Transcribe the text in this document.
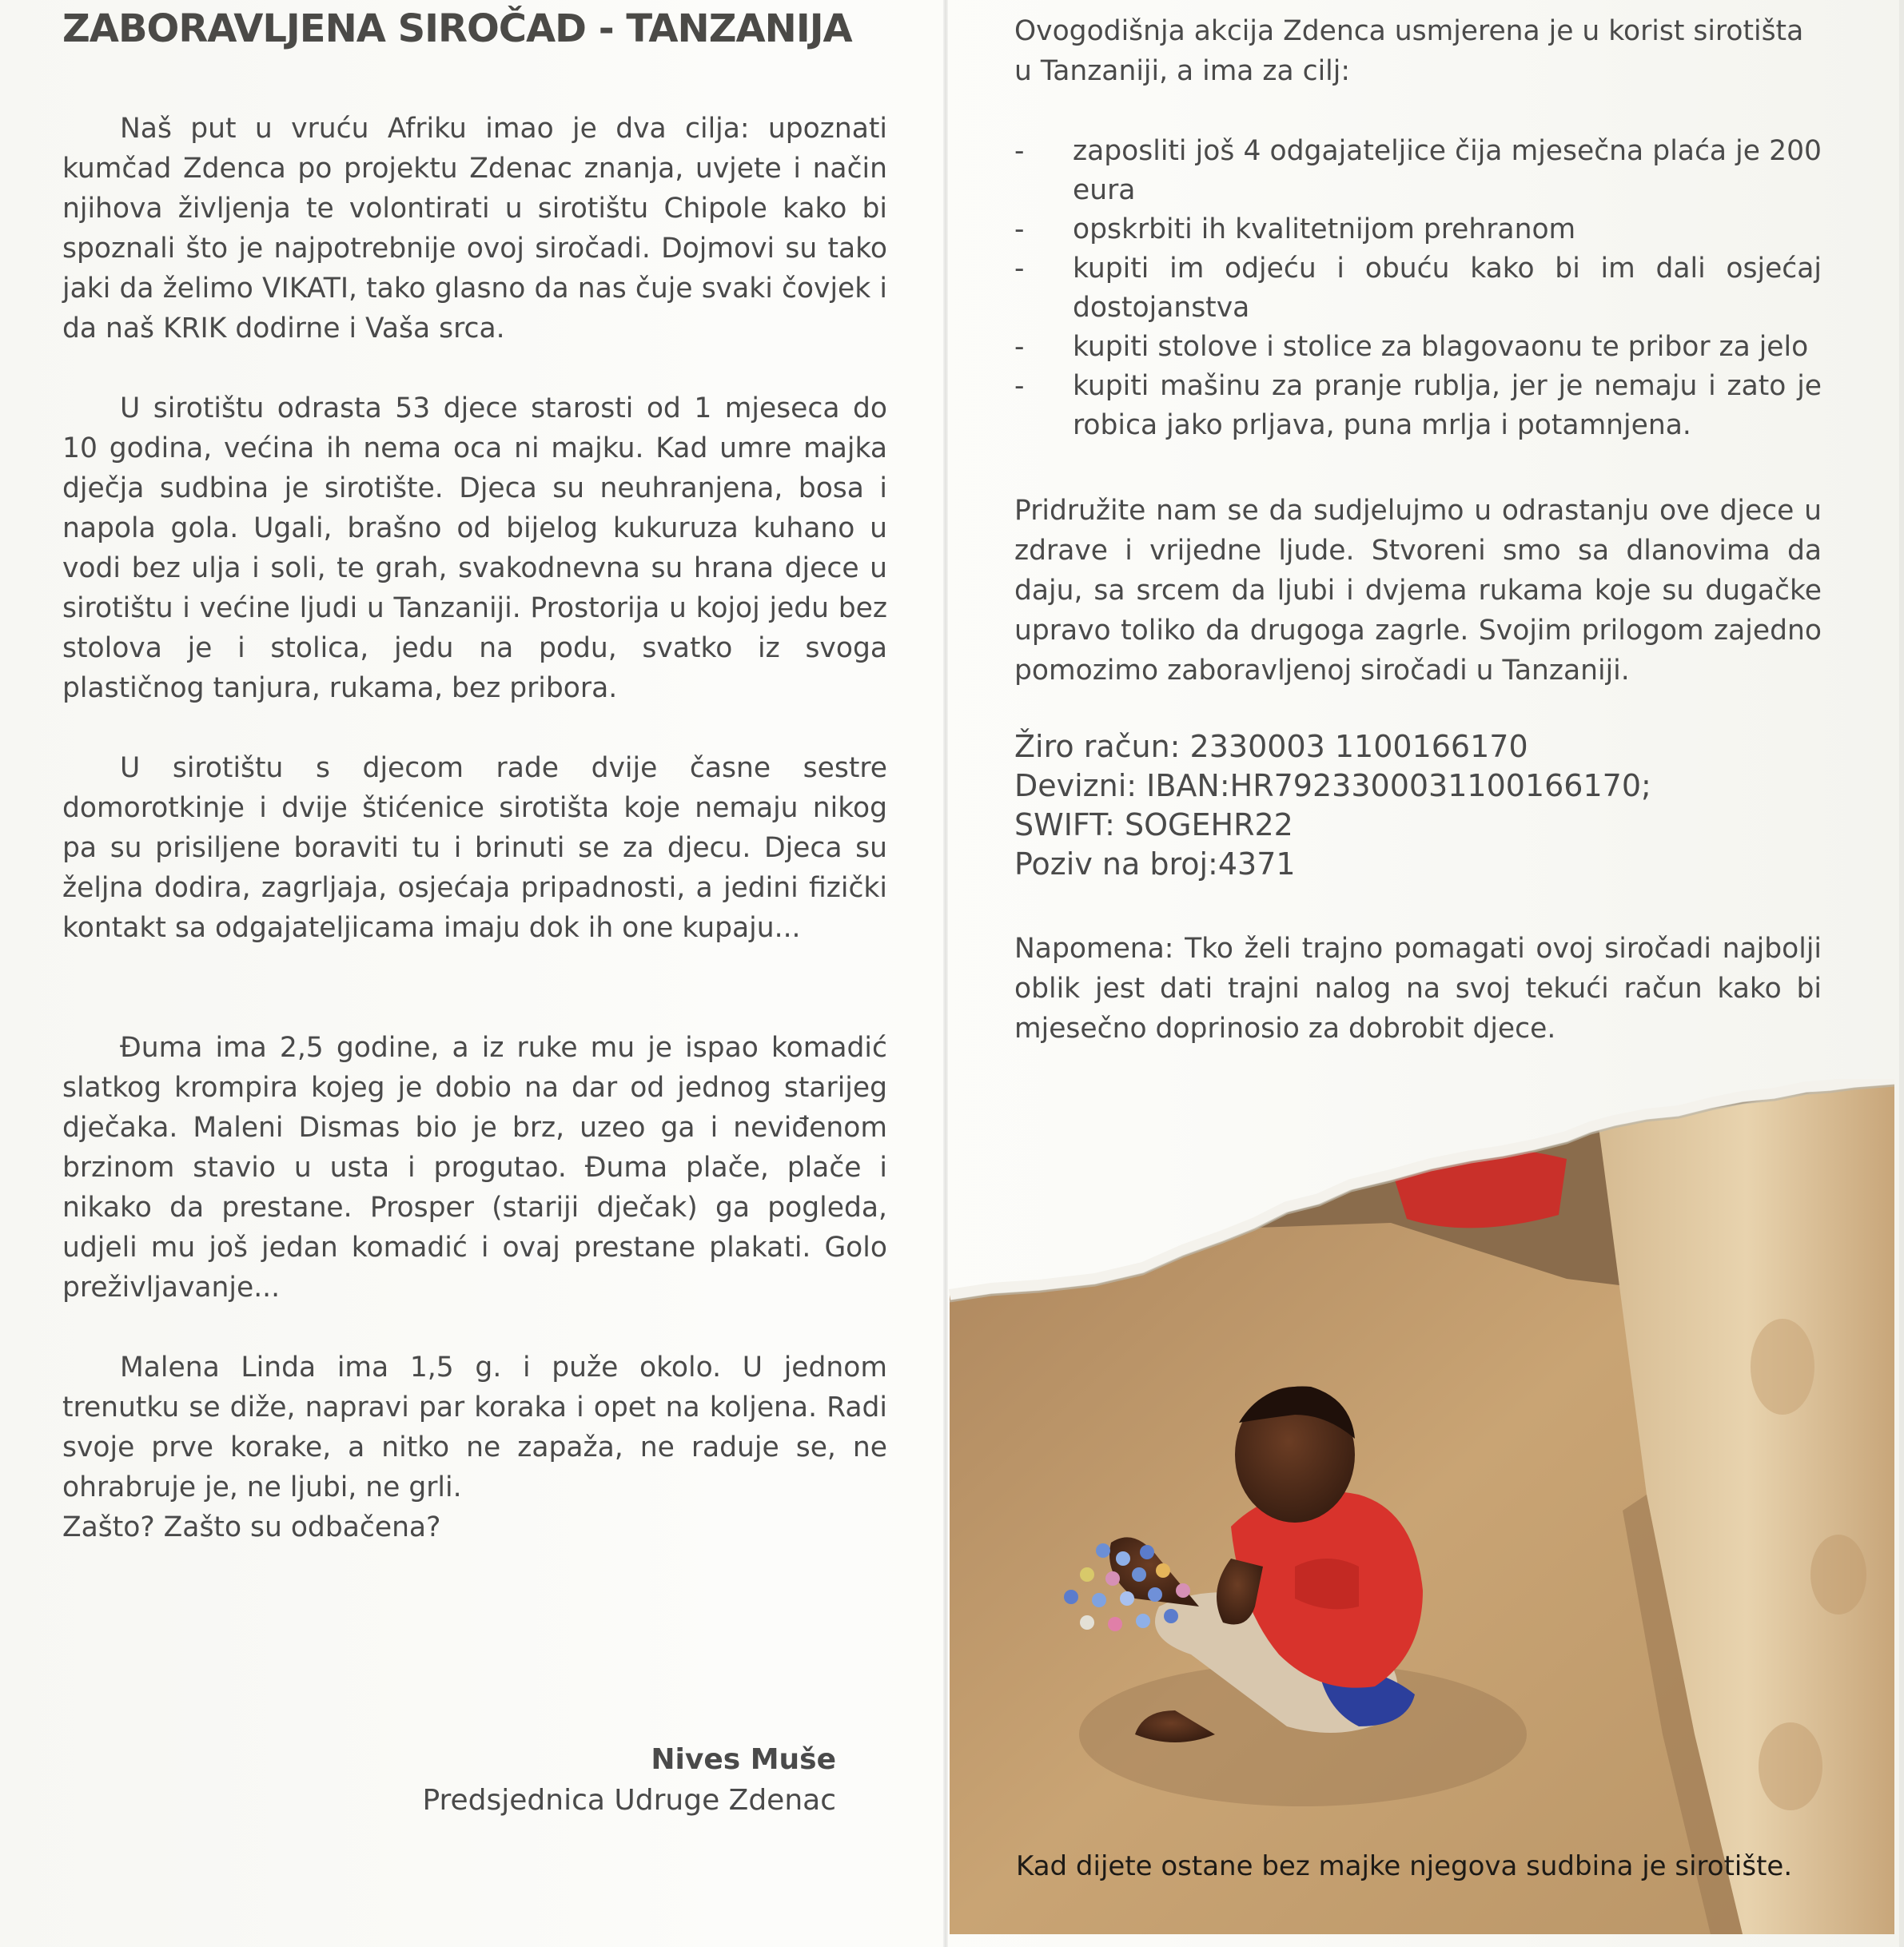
ZABORAVLJENA SIROČAD - TANZANIJA

Naš put u vruću Afriku imao je dva cilja: upoznati kumčad Zdenca po projektu Zdenac znanja, uvjete i način njihova življenja te volontirati u sirotištu Chipole kako bi spoznali što je najpotrebnije ovoj siročadi. Dojmovi su tako jaki da želimo VIKATI, tako glasno da nas čuje svaki čovjek i da naš KRIK dodirne i Vaša srca.

U sirotištu odrasta 53 djece starosti od 1 mjeseca do 10 godina, većina ih nema oca ni majku. Kad umre majka dječja sudbina je sirotište. Djeca su neuhranjena, bosa i napola gola. Ugali, brašno od bijelog kukuruza kuhano u vodi bez ulja i soli, te grah, svakodnevna su hrana djece u sirotištu i većine ljudi u Tanzaniji. Prostorija u kojoj jedu bez stolova je i stolica, jedu na podu, svatko iz svoga plastičnog tanjura, rukama, bez pribora.

U sirotištu s djecom rade dvije časne sestre domorotkinje i dvije štićenice sirotišta koje nemaju nikog pa su prisiljene boraviti tu i brinuti se za djecu. Djeca su željna dodira, zagrljaja, osjećaja pripadnosti, a jedini fizički kontakt sa odgajateljicama imaju dok ih one kupaju...

Đuma ima 2,5 godine, a iz ruke mu je ispao komadić slatkog krompira kojeg je dobio na dar od jednog starijeg dječaka. Maleni Dismas bio je brz, uzeo ga i neviđenom brzinom stavio u usta i progutao. Đuma plače, plače i nikako da prestane. Prosper (stariji dječak) ga pogleda, udjeli mu još jedan komadić i ovaj prestane plakati. Golo preživljavanje...

Malena Linda ima 1,5 g. i puže okolo. U jednom trenutku se diže, napravi par koraka i opet na koljena. Radi svoje prve korake, a nitko ne zapaža, ne raduje se, ne ohrabruje je, ne ljubi, ne grli.

Zašto? Zašto su odbačena?

Nives Muše
Predsjednica Udruge Zdenac

Ovogodišnja akcija Zdenca usmjerena je u korist sirotišta u Tanzaniji, a ima za cilj:

- zaposliti još 4 odgajateljice čija mjesečna plaća je 200 eura
- opskrbiti ih kvalitetnijom prehranom
- kupiti im odjeću i obuću kako bi im dali osjećaj dostojanstva
- kupiti stolove i stolice za blagovaonu te pribor za jelo
- kupiti mašinu za pranje rublja, jer je nemaju i zato je robica jako prljava, puna mrlja i potamnjena.

Pridružite nam se da sudjelujmo u odrastanju ove djece u zdrave i vrijedne ljude. Stvoreni smo sa dlanovima da daju, sa srcem da ljubi i dvjema rukama koje su dugačke upravo toliko da drugoga zagrle. Svojim prilogom zajedno pomozimo zaboravljenoj siročadi u Tanzaniji.

Žiro račun: 2330003 1100166170
Devizni: IBAN:HR7923300031100166170;
SWIFT: SOGEHR22
Poziv na broj:4371

Napomena: Tko želi trajno pomagati ovoj siročadi najbolji oblik jest dati trajni nalog na svoj tekući račun kako bi mjesečno doprinosio za dobrobit djece.

Kad dijete ostane bez majke njegova sudbina je sirotište.
